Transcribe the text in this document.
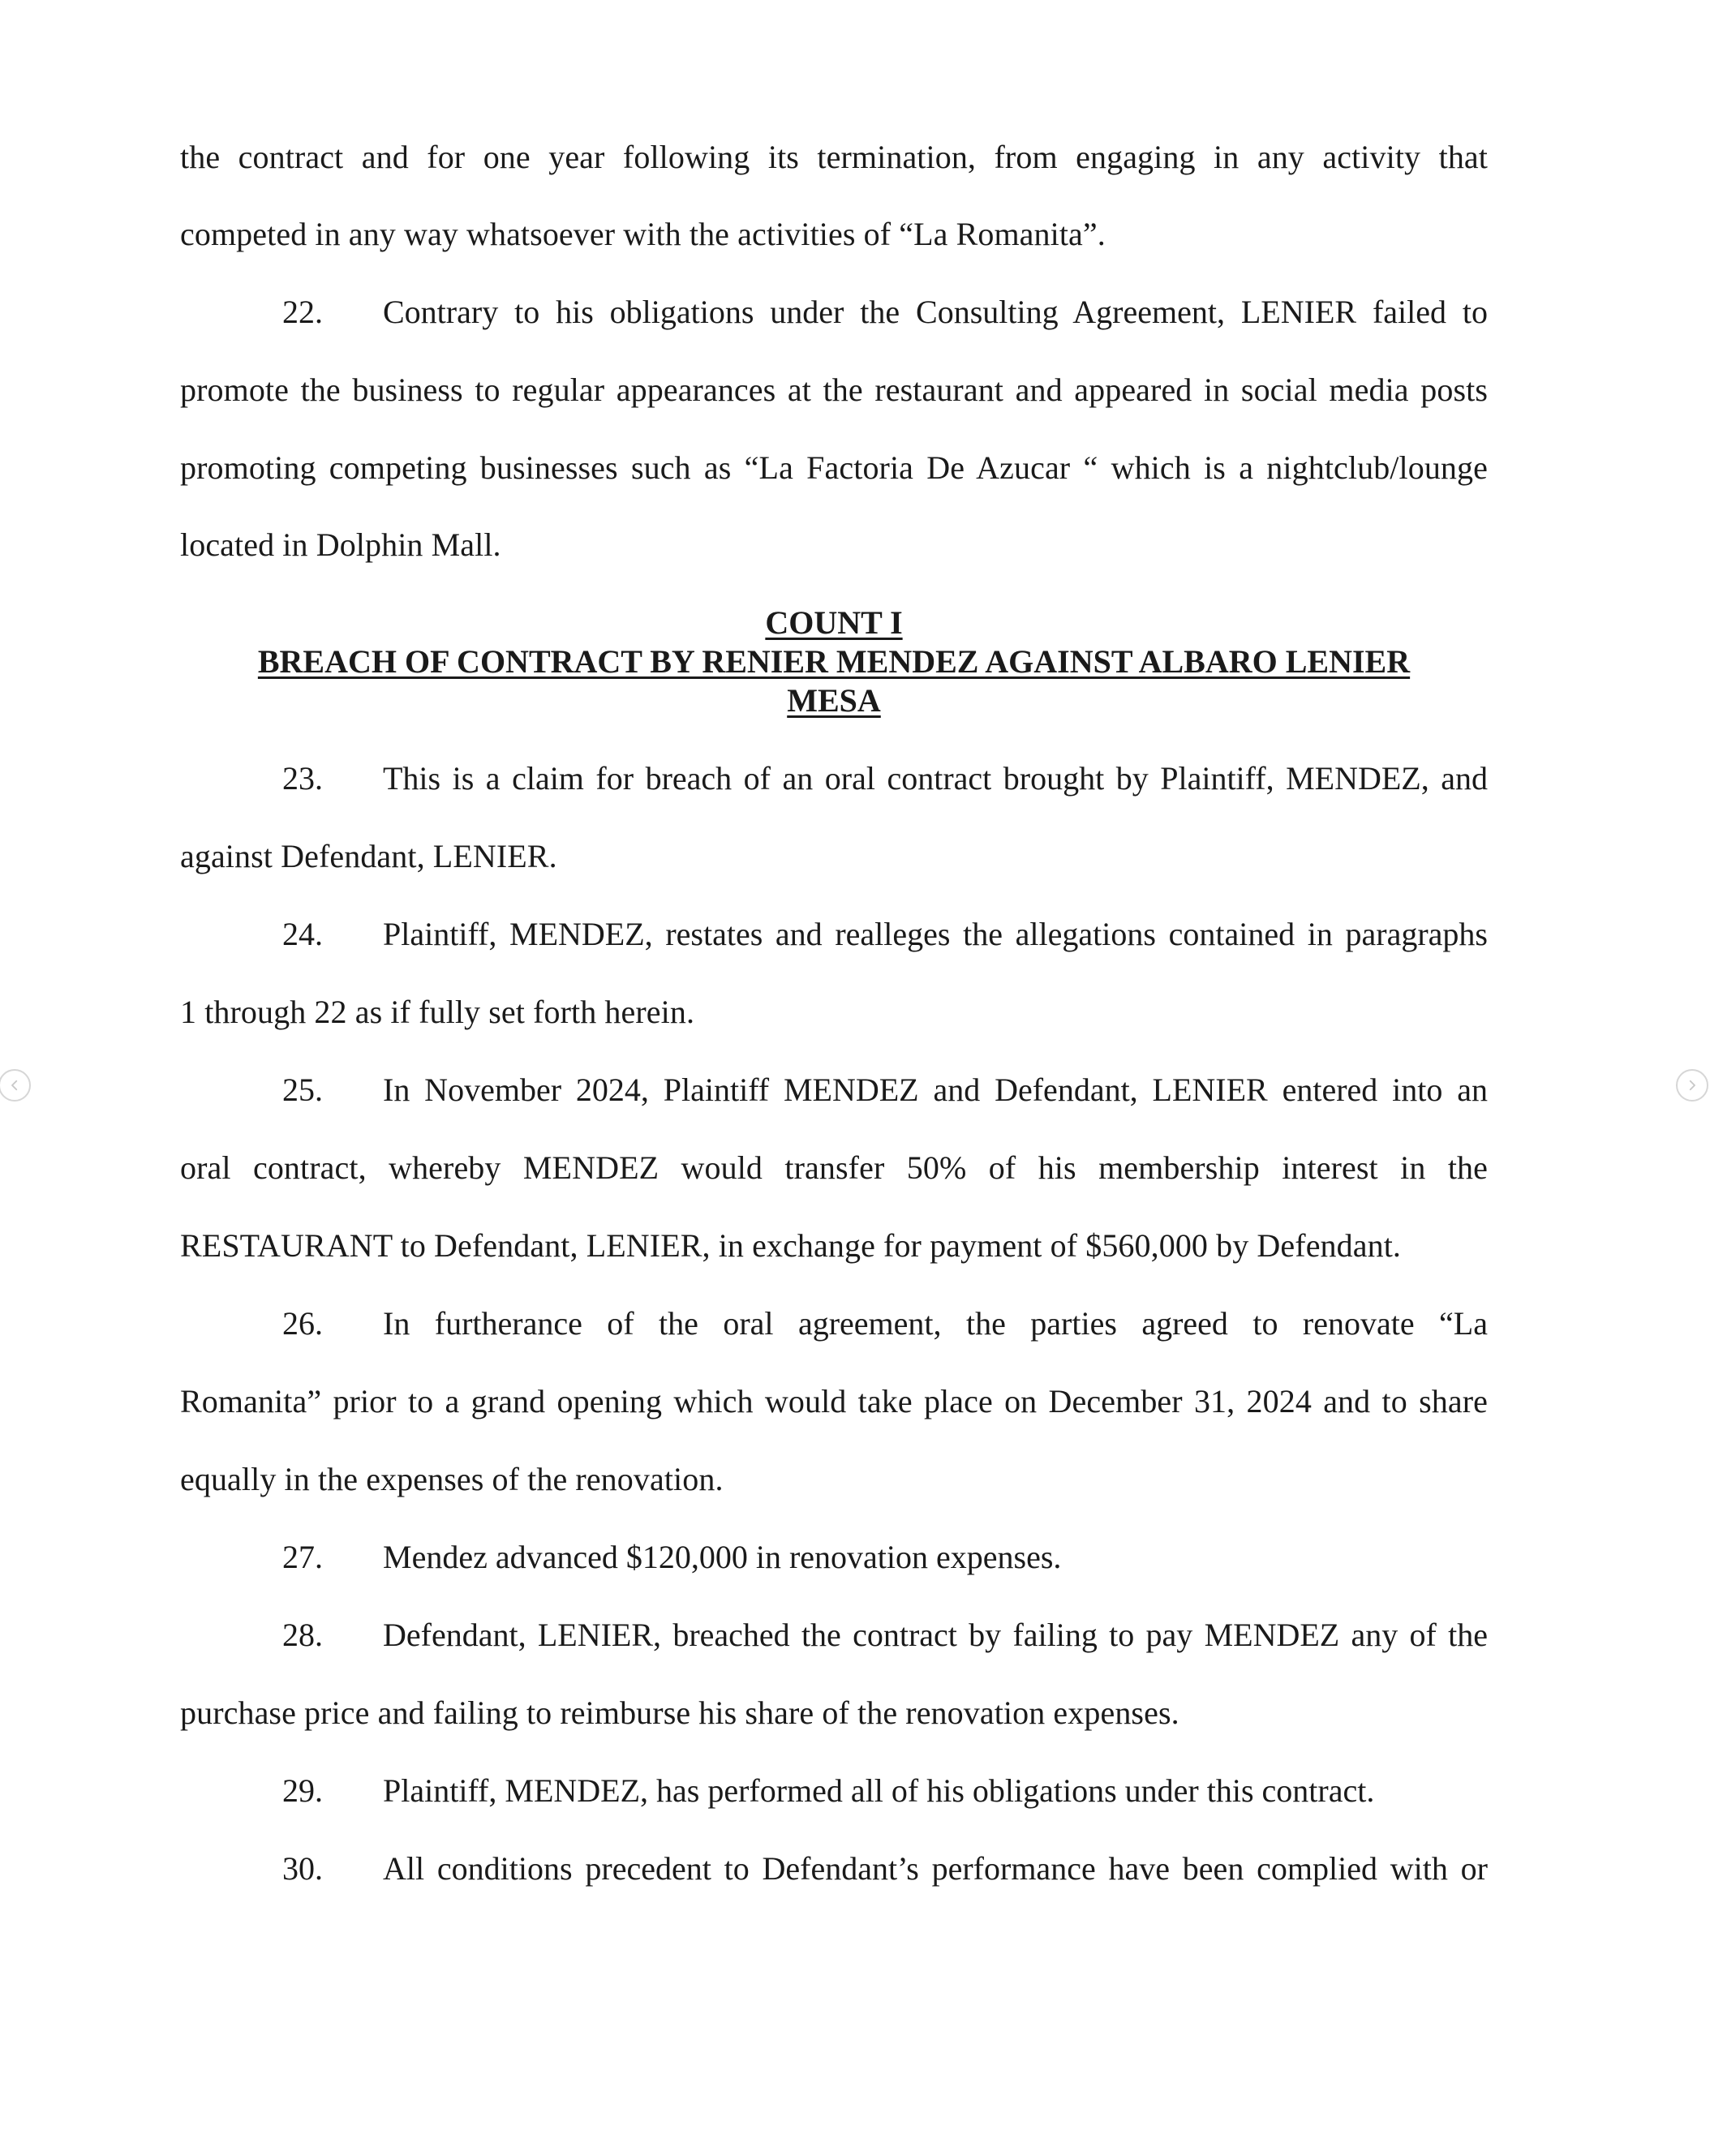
the contract and for one year following its termination, from engaging in any activity that
competed in any way whatsoever with the activities of “La Romanita”.
22. Contrary to his obligations under the Consulting Agreement, LENIER failed to
promote the business to regular appearances at the restaurant and appeared in social media posts
promoting competing businesses such as “La Factoria De Azucar “ which is a nightclub/lounge
located in Dolphin Mall.
COUNT I
BREACH OF CONTRACT BY RENIER MENDEZ AGAINST ALBARO LENIER
MESA
23. This is a claim for breach of an oral contract brought by Plaintiff, MENDEZ, and
against Defendant, LENIER.
24. Plaintiff, MENDEZ, restates and realleges the allegations contained in paragraphs
1 through 22 as if fully set forth herein.
25. In November 2024, Plaintiff MENDEZ and Defendant, LENIER entered into an
oral contract, whereby MENDEZ would transfer 50% of his membership interest in the
RESTAURANT to Defendant, LENIER, in exchange for payment of $560,000 by Defendant.
26. In furtherance of the oral agreement, the parties agreed to renovate “La
Romanita” prior to a grand opening which would take place on December 31, 2024 and to share
equally in the expenses of the renovation.
27. Mendez advanced $120,000 in renovation expenses.
28. Defendant, LENIER, breached the contract by failing to pay MENDEZ any of the
purchase price and failing to reimburse his share of the renovation expenses.
29. Plaintiff, MENDEZ, has performed all of his obligations under this contract.
30. All conditions precedent to Defendant’s performance have been complied with or
